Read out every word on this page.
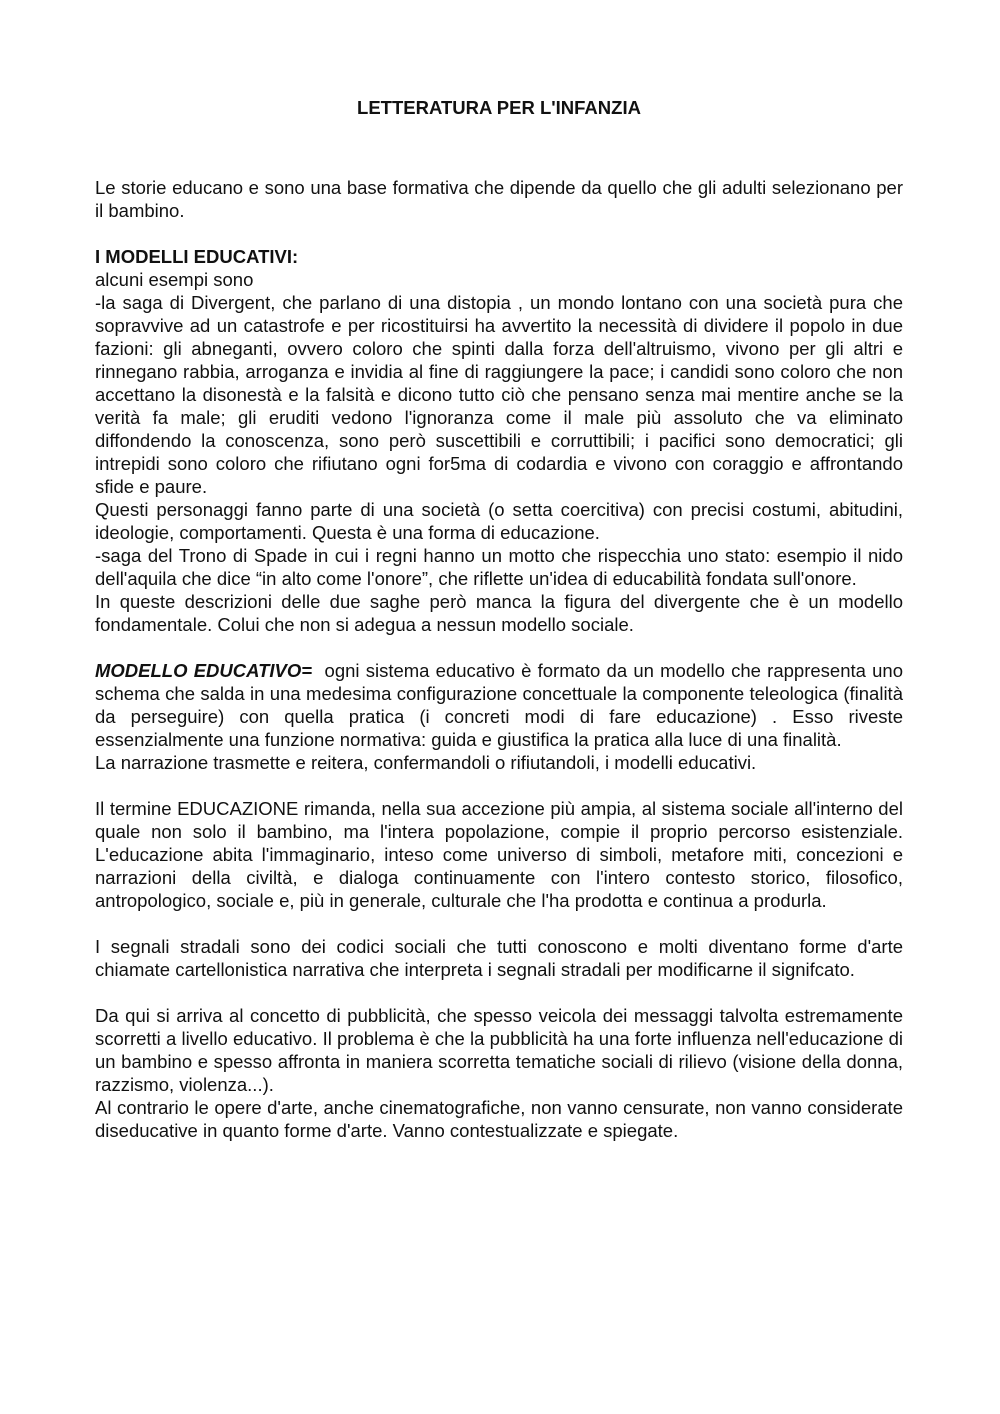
LETTERATURA PER L'INFANZIA

Le storie educano e sono una base formativa che dipende da quello che gli adulti selezionano per il bambino.

I MODELLI EDUCATIVI:
alcuni esempi sono

-la saga di Divergent, che parlano di una distopia , un mondo lontano con una società pura che sopravvive ad un catastrofe e per ricostituirsi ha avvertito la necessità di dividere il popolo in due fazioni: gli abneganti, ovvero coloro che spinti dalla forza dell'altruismo, vivono per gli altri e rinnegano rabbia, arroganza e invidia al fine di raggiungere la pace; i candidi sono coloro che non accettano la disonestà e la falsità e dicono tutto ciò che pensano senza mai mentire anche se la verità fa male; gli eruditi vedono l'ignoranza come il male più assoluto che va eliminato diffondendo la conoscenza, sono però suscettibili e corruttibili; i pacifici sono democratici; gli intrepidi sono coloro che rifiutano ogni for5ma di codardia e vivono con coraggio e affrontando sfide e paure.

Questi personaggi fanno parte di una società (o setta coercitiva) con precisi costumi, abitudini, ideologie, comportamenti. Questa è una forma di educazione.

-saga del Trono di Spade in cui i regni hanno un motto che rispecchia uno stato: esempio il nido dell'aquila che dice “in alto come l'onore”, che riflette un'idea di educabilità fondata sull'onore.

In queste descrizioni delle due saghe però manca la figura del divergente che è un modello fondamentale. Colui che non si adegua a nessun modello sociale.

MODELLO EDUCATIVO=  ogni sistema educativo è formato da un modello che rappresenta uno schema che salda in una medesima configurazione concettuale la componente teleologica (finalità da perseguire) con quella pratica (i concreti modi di fare educazione) . Esso riveste essenzialmente una funzione normativa: guida e giustifica la pratica alla luce di una finalità.

La narrazione trasmette e reitera, confermandoli o rifiutandoli, i modelli educativi.

Il termine EDUCAZIONE rimanda, nella sua accezione più ampia, al sistema sociale all'interno del quale non solo il bambino, ma l'intera popolazione, compie il proprio percorso esistenziale. L'educazione abita l'immaginario, inteso come universo di simboli, metafore miti, concezioni e narrazioni della civiltà, e dialoga continuamente con l'intero contesto storico, filosofico, antropologico, sociale e, più in generale, culturale che l'ha prodotta e continua a produrla.

I segnali stradali sono dei codici sociali che tutti conoscono e molti diventano forme d'arte chiamate cartellonistica narrativa che interpreta i segnali stradali per modificarne il signifcato.

Da qui si arriva al concetto di pubblicità, che spesso veicola dei messaggi talvolta estremamente scorretti a livello educativo. Il problema è che la pubblicità ha una forte influenza nell'educazione di un bambino e spesso affronta in maniera scorretta tematiche sociali di rilievo (visione della donna, razzismo, violenza...).

Al contrario le opere d'arte, anche cinematografiche, non vanno censurate, non vanno considerate diseducative in quanto forme d'arte. Vanno contestualizzate e spiegate.
